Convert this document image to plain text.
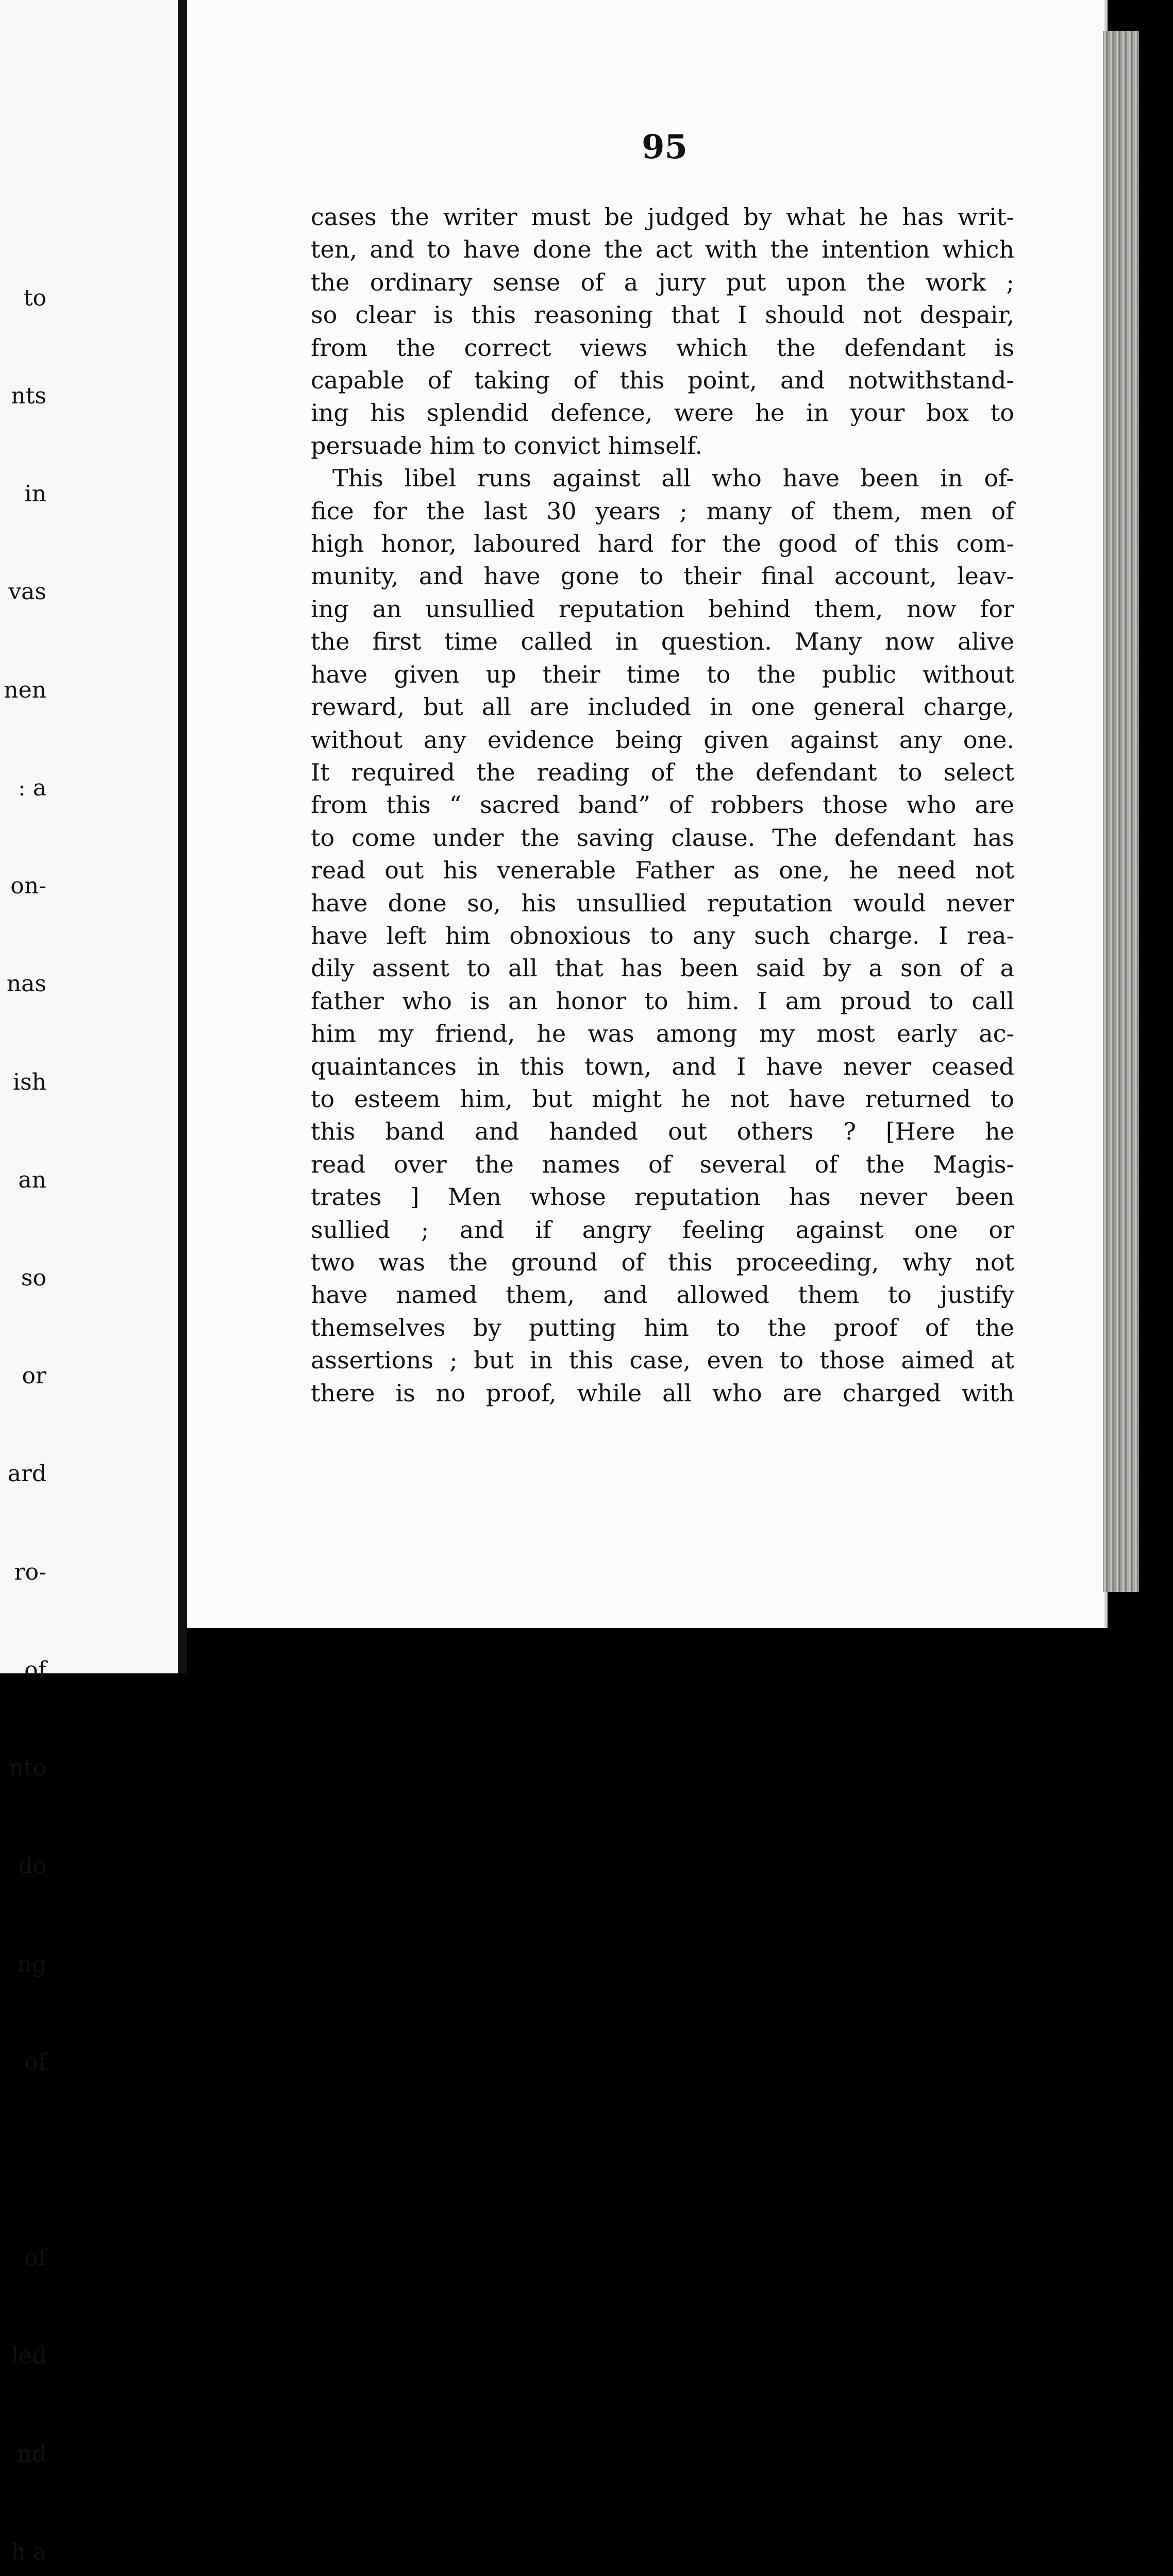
to

nts

in

vas

nen

: a

on-

nas

ish

an

so

or

ard

ro-

of

nto

do

ng

of

of

led

nd

h a

95
cases the writer must be judged by what he has writ-
ten, and to have done the act with the intention which
the ordinary sense of a jury put upon the work ;
so clear is this reasoning that I should not despair,
from the correct views which the defendant is
capable of taking of this point, and notwithstand-
ing his splendid defence, were he in your box to
persuade him to convict himself.
This libel runs against all who have been in of-
fice for the last 30 years ; many of them, men of
high honor, laboured hard for the good of this com-
munity, and have gone to their final account, leav-
ing an unsullied reputation behind them, now for
the first time called in question. Many now alive
have given up their time to the public without
reward, but all are included in one general charge,
without any evidence being given against any one.
It required the reading of the defendant to select
from this “ sacred band” of robbers those who are
to come under the saving clause. The defendant has
read out his venerable Father as one, he need not
have done so, his unsullied reputation would never
have left him obnoxious to any such charge. I rea-
dily assent to all that has been said by a son of a
father who is an honor to him. I am proud to call
him my friend, he was among my most early ac-
quaintances in this town, and I have never ceased
to esteem him, but might he not have returned to
this band and handed out others ? [Here he
read over the names of several of the Magis-
trates ] Men whose reputation has never been
sullied ; and if angry feeling against one or
two was the ground of this proceeding, why not
have named them, and allowed them to justify
themselves by putting him to the proof of the
assertions ; but in this case, even to those aimed at
there is no proof, while all who are charged with
